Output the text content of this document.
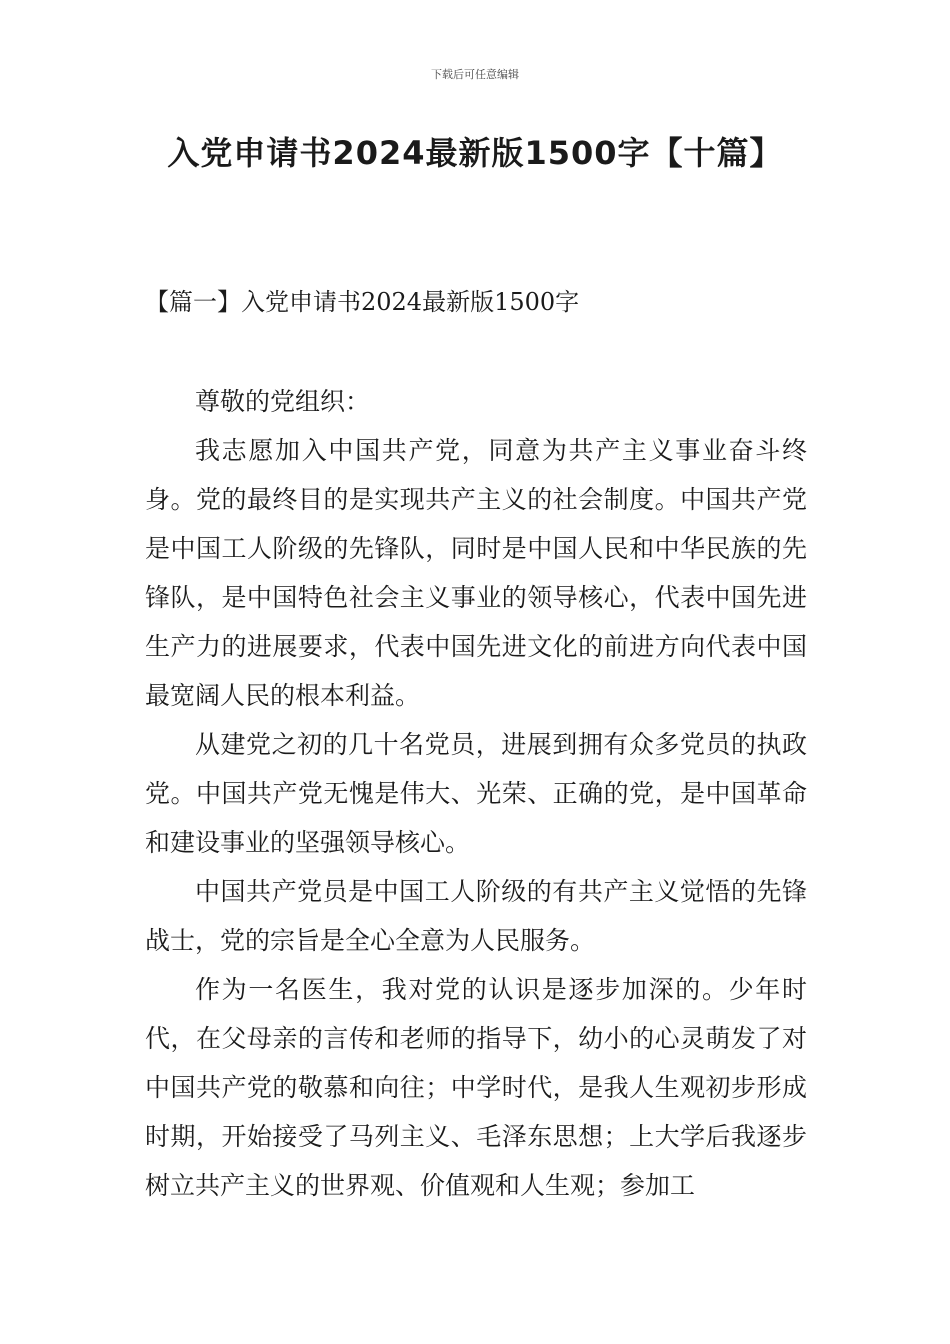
下载后可任意编辑
入党申请书2024最新版1500字【十篇】
【篇一】入党申请书2024最新版1500字

尊敬的党组织：

我志愿加入中国共产党，同意为共产主义事业奋斗终身。党的最终目的是实现共产主义的社会制度。中国共产党是中国工人阶级的先锋队，同时是中国人民和中华民族的先锋队，是中国特色社会主义事业的领导核心，代表中国先进生产力的进展要求，代表中国先进文化的前进方向代表中国最宽阔人民的根本利益。

从建党之初的几十名党员，进展到拥有众多党员的执政党。中国共产党无愧是伟大、光荣、正确的党，是中国革命和建设事业的坚强领导核心。

中国共产党员是中国工人阶级的有共产主义觉悟的先锋战士，党的宗旨是全心全意为人民服务。

作为一名医生，我对党的认识是逐步加深的。少年时代，在父母亲的言传和老师的指导下，幼小的心灵萌发了对中国共产党的敬慕和向往；中学时代，是我人生观初步形成时期，开始接受了马列主义、毛泽东思想；上大学后我逐步树立共产主义的世界观、价值观和人生观；参加工
